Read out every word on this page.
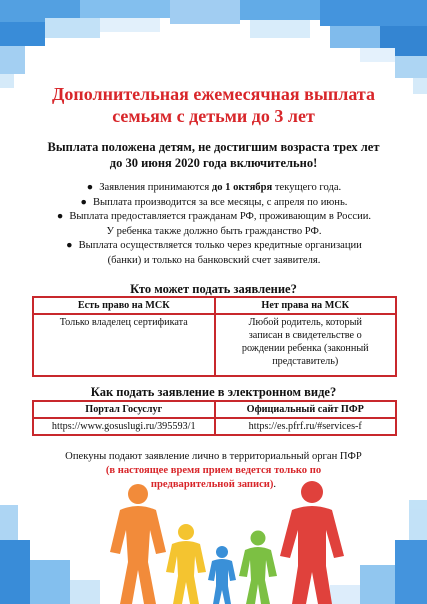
Дополнительная ежемесячная выплата
семьям с детьми до 3 лет

Выплата положена детям, не достигшим возраста трех лет
до 30 июня 2020 года включительно!

● Заявления принимаются до 1 октября текущего года.
● Выплата производится за все месяцы, с апреля по июнь.
● Выплата предоставляется гражданам РФ, проживающим в России.
У ребенка также должно быть гражданство РФ.
● Выплата осуществляется только через кредитные организации
(банки) и только на банковский счет заявителя.
Кто может подать заявление?
Есть право на МСК	Нет права на МСК
Только владелец сертификата	Любой родитель, который
записан в свидетельстве о
рождении ребенка (законный
представитель)
Как подать заявление в электронном виде?
Портал Госуслуг	Официальный сайт ПФР
https://www.gosuslugi.ru/395593/1	https://es.pfrf.ru/#services-f

Опекуны подают заявление лично в территориальный орган ПФР
(в настоящее время прием ведется только по
предварительной записи).
